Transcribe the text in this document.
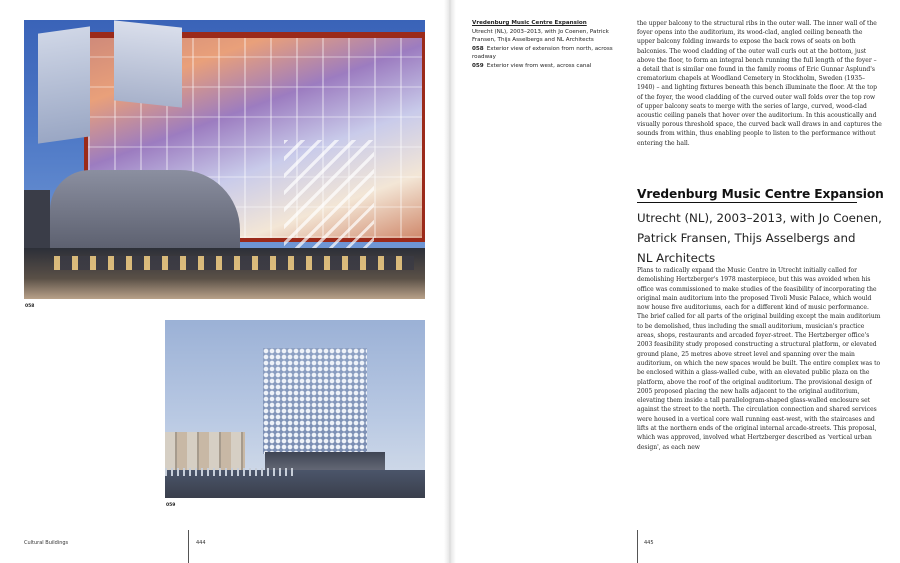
058
059
Cultural Buildings	444
Vredenburg Music Centre Expansion
Utrecht (NL), 2003–2013, with Jo Coenen, Patrick Fransen, Thijs Asselbergs and NL Architects
058 Exterior view of extension from north, across roadway
059 Exterior view from west, across canal

the upper balcony to the structural ribs in the outer wall. The inner wall of the foyer opens into the auditorium, its wood-clad, angled ceiling beneath the upper balcony folding inwards to expose the back rows of seats on both balconies. The wood cladding of the outer wall curls out at the bottom, just above the floor, to form an integral bench running the full length of the foyer – a detail that is similar one found in the family rooms of Eric Gunnar Asplund's crematorium chapels at Woodland Cemetery in Stockholm, Sweden (1935–1940) – and lighting fixtures beneath this bench illuminate the floor. At the top of the foyer, the wood cladding of the curved outer wall folds over the top row of upper balcony seats to merge with the series of large, curved, wood-clad acoustic ceiling panels that hover over the auditorium. In this acoustically and visually porous threshold space, the curved back wall draws in and captures the sounds from within, thus enabling people to listen to the performance without entering the hall.

Vredenburg Music Centre Expansion
Utrecht (NL), 2003–2013, with Jo Coenen,
Patrick Fransen, Thijs Asselbergs and
NL Architects

Plans to radically expand the Music Centre in Utrecht initially called for demolishing Hertzberger's 1978 masterpiece, but this was avoided when his office was commissioned to make studies of the feasibility of incorporating the original main auditorium into the proposed Tivoli Music Palace, which would now house five auditoriums, each for a different kind of music performance. The brief called for all parts of the original building except the main auditorium to be demolished, thus including the small auditorium, musician's practice areas, shops, restaurants and arcaded foyer-street. The Hertzberger office's 2003 feasibility study proposed constructing a structural platform, or elevated ground plane, 25 metres above street level and spanning over the main auditorium, on which the new spaces would be built. The entire complex was to be enclosed within a glass-walled cube, with an elevated public plaza on the platform, above the roof of the original auditorium. The provisional design of 2005 proposed placing the new halls adjacent to the original auditorium, elevating them inside a tall parallelogram-shaped glass-walled enclosure set against the street to the north. The circulation connection and shared services were housed in a vertical core wall running east-west, with the staircases and lifts at the northern ends of the original internal arcade-streets. This proposal, which was approved, involved what Hertzberger described as 'vertical urban design', as each new

445
